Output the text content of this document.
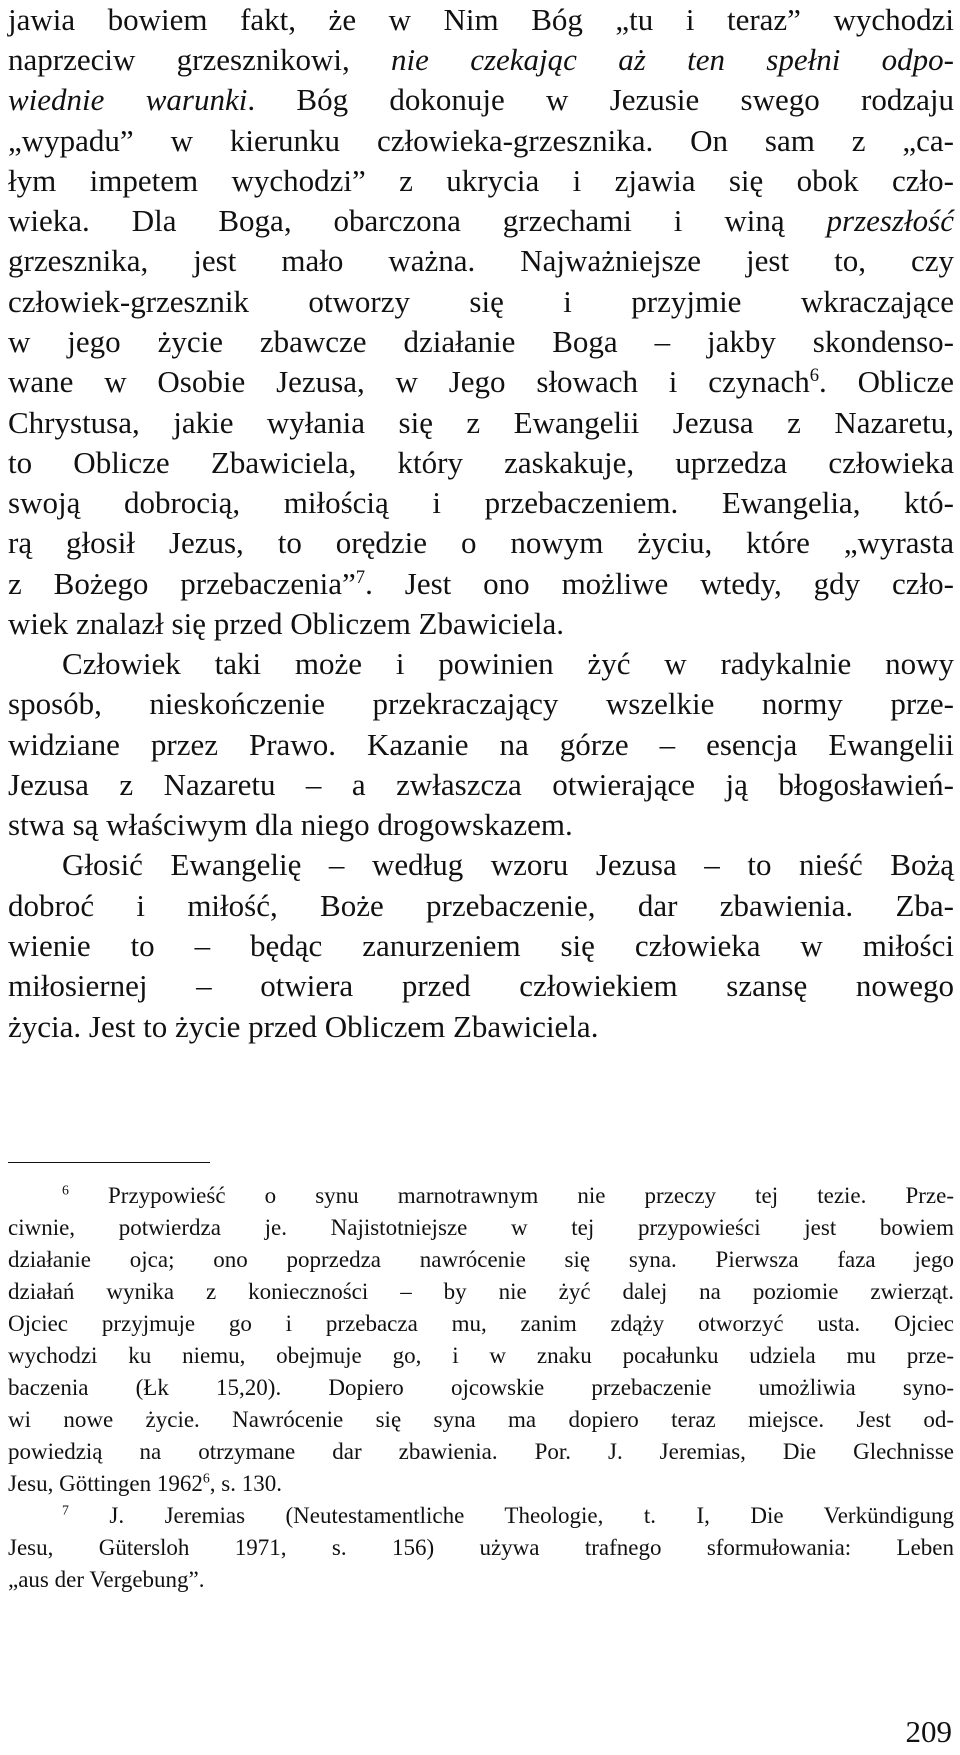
jawia bowiem fakt, że w Nim Bóg „tu i teraz” wychodzi
naprzeciw grzesznikowi, nie czekając aż ten spełni odpo-
wiednie warunki. Bóg dokonuje w Jezusie swego rodzaju
„wypadu” w kierunku człowieka-grzesznika. On sam z „ca-
łym impetem wychodzi” z ukrycia i zjawia się obok czło-
wieka. Dla Boga, obarczona grzechami i winą przeszłość
grzesznika, jest mało ważna. Najważniejsze jest to, czy
człowiek-grzesznik otworzy się i przyjmie wkraczające
w jego życie zbawcze działanie Boga – jakby skondenso-
wane w Osobie Jezusa, w Jego słowach i czynach$^6$. Oblicze
Chrystusa, jakie wyłania się z Ewangelii Jezusa z Nazaretu,
to Oblicze Zbawiciela, który zaskakuje, uprzedza człowieka
swoją dobrocią, miłością i przebaczeniem. Ewangelia, któ-
rą głosił Jezus, to orędzie o nowym życiu, które „wyrasta
z Bożego przebaczenia”$^7$. Jest ono możliwe wtedy, gdy czło-
wiek znalazł się przed Obliczem Zbawiciela.
Człowiek taki może i powinien żyć w radykalnie nowy
sposób, nieskończenie przekraczający wszelkie normy prze-
widziane przez Prawo. Kazanie na górze – esencja Ewangelii
Jezusa z Nazaretu – a zwłaszcza otwierające ją błogosławień-
stwa są właściwym dla niego drogowskazem.
Głosić Ewangelię – według wzoru Jezusa – to nieść Bożą
dobroć i miłość, Boże przebaczenie, dar zbawienia. Zba-
wienie to – będąc zanurzeniem się człowieka w miłości
miłosiernej – otwiera przed człowiekiem szansę nowego
życia. Jest to życie przed Obliczem Zbawiciela.
$^6$ Przypowieść o synu marnotrawnym nie przeczy tej tezie. Prze-
ciwnie, potwierdza je. Najistotniejsze w tej przypowieści jest bowiem
działanie ojca; ono poprzedza nawrócenie się syna. Pierwsza faza jego
działań wynika z konieczności – by nie żyć dalej na poziomie zwierząt.
Ojciec przyjmuje go i przebacza mu, zanim zdąży otworzyć usta. Ojciec
wychodzi ku niemu, obejmuje go, i w znaku pocałunku udziela mu prze-
baczenia (Łk 15,20). Dopiero ojcowskie przebaczenie umożliwia syno-
wi nowe życie. Nawrócenie się syna ma dopiero teraz miejsce. Jest od-
powiedzią na otrzymane dar zbawienia. Por. J. Jeremias, Die Glechnisse
Jesu, Göttingen 1962$^6$, s. 130.
$^7$ J. Jeremias (Neutestamentliche Theologie, t. I, Die Verkündigung
Jesu, Gütersloh 1971, s. 156) używa trafnego sformułowania: Leben
„aus der Vergebung”.
209
